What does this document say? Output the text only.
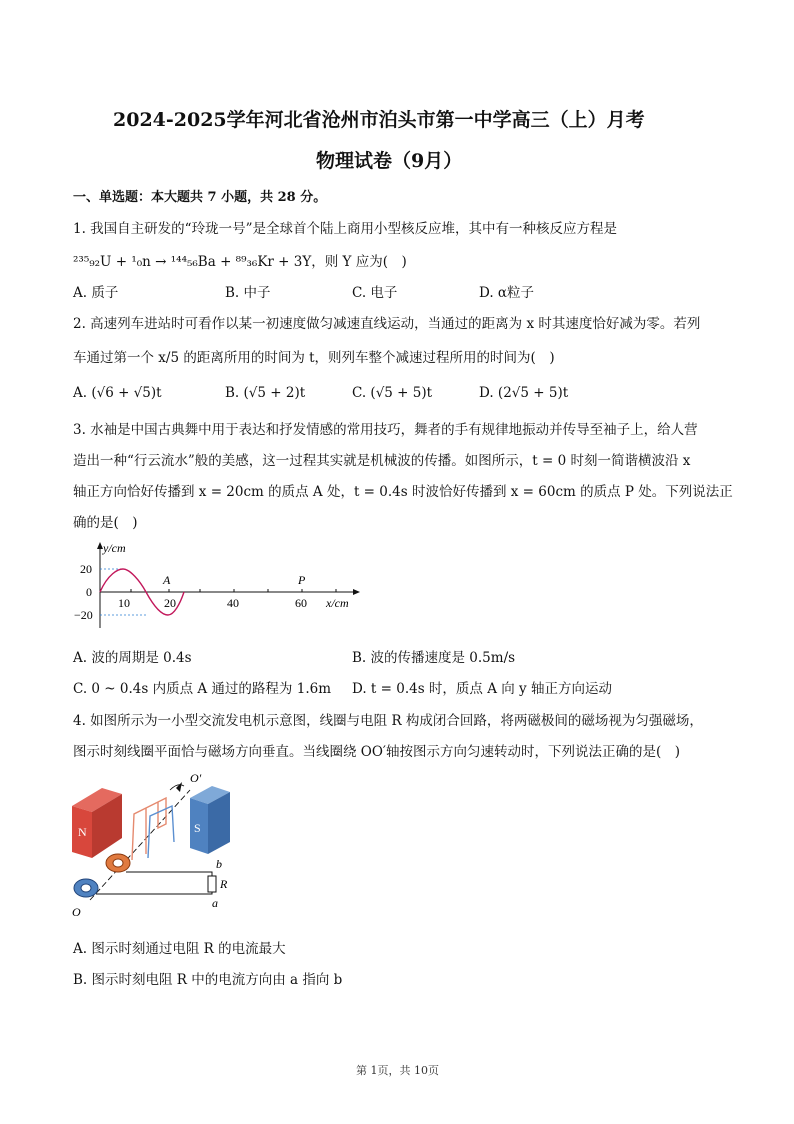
2024-2025学年河北省沧州市泊头市第一中学高三（上）月考
物理试卷（9月）
一、单选题：本大题共 7 小题，共 28 分。
1. 我国自主研发的“玲珑一号”是全球首个陆上商用小型核反应堆，其中有一种核反应方程是
²³⁵₉₂U + ¹₀n → ¹⁴⁴₅₆Ba + ⁸⁹₃₆Kr + 3Y，则 Y 应为(　)
A. 质子	B. 中子	C. 电子	D. α粒子
2. 高速列车进站时可看作以某一初速度做匀减速直线运动，当通过的距离为 x 时其速度恰好减为零。若列
车通过第一个 x/5 的距离所用的时间为 t，则列车整个减速过程所用的时间为(　)
A. (√6 + √5)t	B. (√5 + 2)t	C. (√5 + 5)t	D. (2√5 + 5)t
3. 水袖是中国古典舞中用于表达和抒发情感的常用技巧，舞者的手有规律地振动并传导至袖子上，给人营
造出一种“行云流水”般的美感，这一过程其实就是机械波的传播。如图所示，t = 0 时刻一简谐横波沿 x
轴正方向恰好传播到 x = 20cm 的质点 A 处，t = 0.4s 时波恰好传播到 x = 60cm 的质点 P 处。下列说法正
确的是(　)
y/cm
x/cm
20
0
−20
10	20	40	60
A	P
A. 波的周期是 0.4s	B. 波的传播速度是 0.5m/s
C. 0 ~ 0.4s 内质点 A 通过的路程为 1.6m D. t = 0.4s 时，质点 A 向 y 轴正方向运动
4. 如图所示为一小型交流发电机示意图，线圈与电阻 R 构成闭合回路，将两磁极间的磁场视为匀强磁场，
图示时刻线圈平面恰与磁场方向垂直。当线圈绕 OO′轴按图示方向匀速转动时，下列说法正确的是(　)
N	S
b
a
R
O
O′
A. 图示时刻通过电阻 R 的电流最大
B. 图示时刻电阻 R 中的电流方向由 a 指向 b
第 1页，共 10页
